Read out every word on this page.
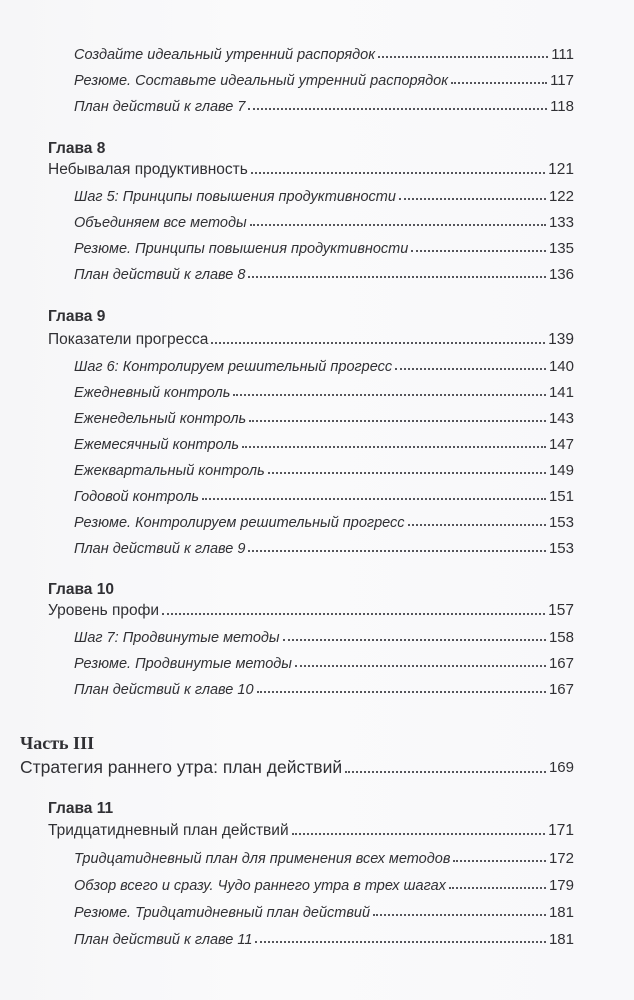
Создайте идеальный утренний распорядок	111
Резюме. Составьте идеальный утренний распорядок	117
План действий к главе 7	118
Глава 8
Небывалая продуктивность	121
Шаг 5: Принципы повышения продуктивности	122
Объединяем все методы	133
Резюме. Принципы повышения продуктивности	135
План действий к главе 8	136
Глава 9
Показатели прогресса	139
Шаг 6: Контролируем решительный прогресс	140
Ежедневный контроль	141
Еженедельный контроль	143
Ежемесячный контроль	147
Ежеквартальный контроль	149
Годовой контроль	151
Резюме. Контролируем решительный прогресс	153
План действий к главе 9	153
Глава 10
Уровень профи	157
Шаг 7: Продвинутые методы	158
Резюме. Продвинутые методы	167
План действий к главе 10	167
Часть III
Стратегия раннего утра: план действий	169
Глава 11
Тридцатидневный план действий	171
Тридцатидневный план для применения всех методов	172
Обзор всего и сразу. Чудо раннего утра в трех шагах	179
Резюме. Тридцатидневный план действий	181
План действий к главе 11	181
